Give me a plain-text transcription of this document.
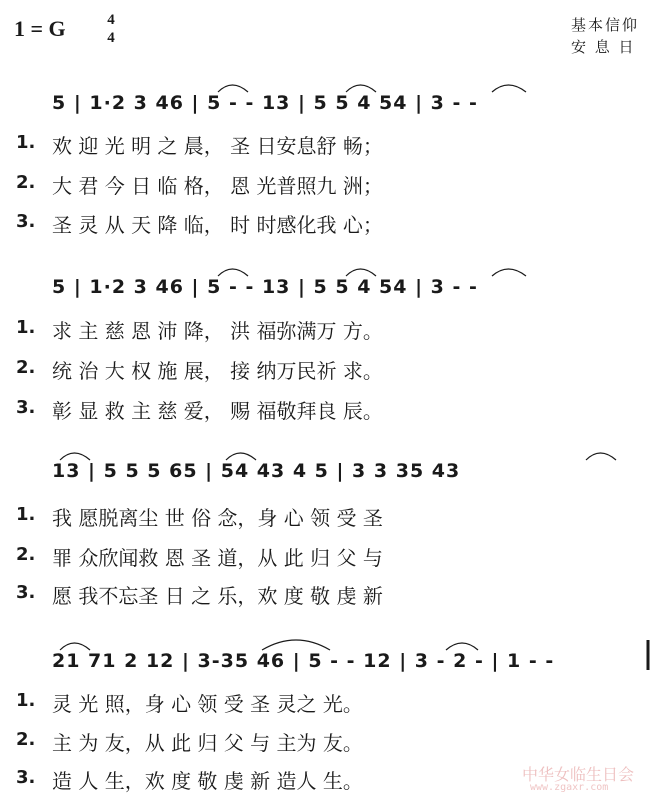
1 = G	4
4
基本信仰
安 息 日
5 | 1·2 3 46 | 5 - - 13 | 5 5 4 54 | 3 - -
1. 欢 迎 光 明 之 晨， 圣 日安息舒 畅；
2. 大 君 今 日 临 格， 恩 光普照九 洲；
3. 圣 灵 从 天 降 临， 时 时感化我 心；
5 | 1·2 3 46 | 5 - - 13 | 5 5 4 54 | 3 - -
1. 求 主 慈 恩 沛 降， 洪 福弥满万 方。
2. 统 治 大 权 施 展， 接 纳万民祈 求。
3. 彰 显 救 主 慈 爱， 赐 福敬拜良 辰。
13 | 5 5 5 65 | 54 43 4 5 | 3 3 35 43
1. 我 愿脱离尘 世 俗 念，身 心 领 受 圣
2. 罪 众欣闻救 恩 圣 道，从 此 归 父 与
3. 愿 我不忘圣 日 之 乐，欢 度 敬 虔 新
21 71 2 12 | 3-35 46 | 5 - - 12 | 3 - 2 - | 1 - -
1. 灵 光 照，身 心 领 受 圣 灵之 光。
2. 主 为 友，从 此 归 父 与 主为 友。
3. 造 人 生，欢 度 敬 虔 新 造人 生。	中华女临生日会
www.zgaxr.com
